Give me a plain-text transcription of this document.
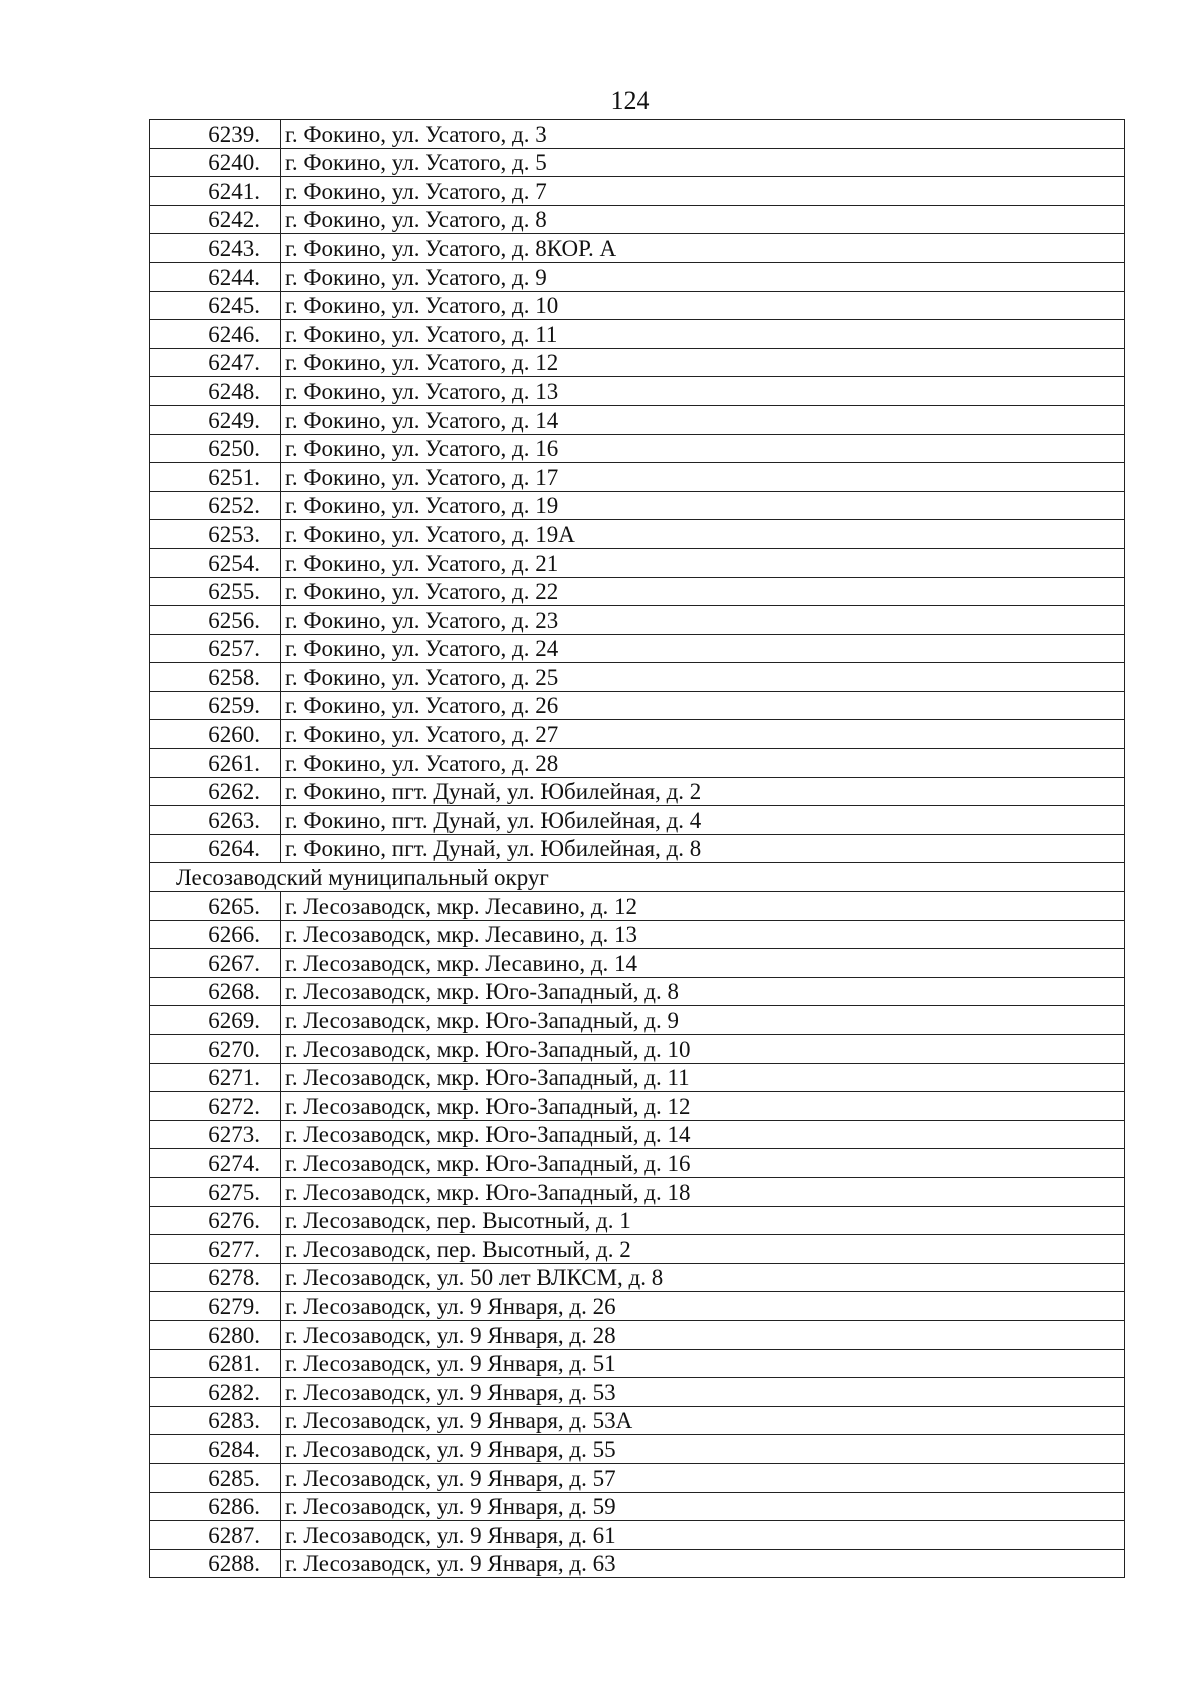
124
6239.	г. Фокино, ул. Усатого, д. 3
6240.	г. Фокино, ул. Усатого, д. 5
6241.	г. Фокино, ул. Усатого, д. 7
6242.	г. Фокино, ул. Усатого, д. 8
6243.	г. Фокино, ул. Усатого, д. 8КОР. А
6244.	г. Фокино, ул. Усатого, д. 9
6245.	г. Фокино, ул. Усатого, д. 10
6246.	г. Фокино, ул. Усатого, д. 11
6247.	г. Фокино, ул. Усатого, д. 12
6248.	г. Фокино, ул. Усатого, д. 13
6249.	г. Фокино, ул. Усатого, д. 14
6250.	г. Фокино, ул. Усатого, д. 16
6251.	г. Фокино, ул. Усатого, д. 17
6252.	г. Фокино, ул. Усатого, д. 19
6253.	г. Фокино, ул. Усатого, д. 19А
6254.	г. Фокино, ул. Усатого, д. 21
6255.	г. Фокино, ул. Усатого, д. 22
6256.	г. Фокино, ул. Усатого, д. 23
6257.	г. Фокино, ул. Усатого, д. 24
6258.	г. Фокино, ул. Усатого, д. 25
6259.	г. Фокино, ул. Усатого, д. 26
6260.	г. Фокино, ул. Усатого, д. 27
6261.	г. Фокино, ул. Усатого, д. 28
6262.	г. Фокино, пгт. Дунай, ул. Юбилейная, д. 2
6263.	г. Фокино, пгт. Дунай, ул. Юбилейная, д. 4
6264.	г. Фокино, пгт. Дунай, ул. Юбилейная, д. 8
Лесозаводский муниципальный округ	
6265.	г. Лесозаводск, мкр. Лесавино, д. 12
6266.	г. Лесозаводск, мкр. Лесавино, д. 13
6267.	г. Лесозаводск, мкр. Лесавино, д. 14
6268.	г. Лесозаводск, мкр. Юго-Западный, д. 8
6269.	г. Лесозаводск, мкр. Юго-Западный, д. 9
6270.	г. Лесозаводск, мкр. Юго-Западный, д. 10
6271.	г. Лесозаводск, мкр. Юго-Западный, д. 11
6272.	г. Лесозаводск, мкр. Юго-Западный, д. 12
6273.	г. Лесозаводск, мкр. Юго-Западный, д. 14
6274.	г. Лесозаводск, мкр. Юго-Западный, д. 16
6275.	г. Лесозаводск, мкр. Юго-Западный, д. 18
6276.	г. Лесозаводск, пер. Высотный, д. 1
6277.	г. Лесозаводск, пер. Высотный, д. 2
6278.	г. Лесозаводск, ул. 50 лет ВЛКСМ, д. 8
6279.	г. Лесозаводск, ул. 9 Января, д. 26
6280.	г. Лесозаводск, ул. 9 Января, д. 28
6281.	г. Лесозаводск, ул. 9 Января, д. 51
6282.	г. Лесозаводск, ул. 9 Января, д. 53
6283.	г. Лесозаводск, ул. 9 Января, д. 53А
6284.	г. Лесозаводск, ул. 9 Января, д. 55
6285.	г. Лесозаводск, ул. 9 Января, д. 57
6286.	г. Лесозаводск, ул. 9 Января, д. 59
6287.	г. Лесозаводск, ул. 9 Января, д. 61
6288.	г. Лесозаводск, ул. 9 Января, д. 63
